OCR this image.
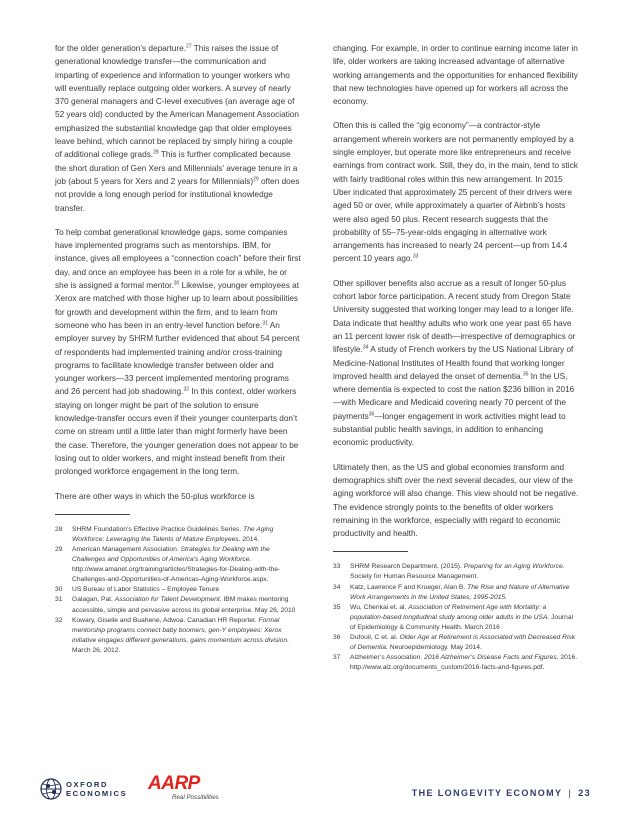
for the older generation’s departure.$^{27}$ This raises the issue of generational knowledge transfer—the communication and imparting of experience and information to younger workers who will eventually replace outgoing older workers. A survey of nearly 370 general managers and C-level executives (an average age of 52 years old) conducted by the American Management Association emphasized the substantial knowledge gap that older employees leave behind, which cannot be replaced by simply hiring a couple of additional college grads.$^{28}$ This is further complicated because the short duration of Gen Xers and Millennials’ average tenure in a job (about 5 years for Xers and 2 years for Millennials)$^{29}$ often does not provide a long enough period for institutional knowledge transfer.

To help combat generational knowledge gaps, some companies have implemented programs such as mentorships. IBM, for instance, gives all employees a “connection coach” before their first day, and once an employee has been in a role for a while, he or she is assigned a formal mentor.$^{30}$ Likewise, younger employees at Xerox are matched with those higher up to learn about possibilities for growth and development within the firm, and to learn from someone who has been in an entry-level function before.$^{31}$ An employer survey by SHRM further evidenced that about 54 percent of respondents had implemented training and/or cross-training programs to facilitate knowledge transfer between older and younger workers—33 percent implemented mentoring programs and 26 percent had job shadowing.$^{32}$ In this context, older workers staying on longer might be part of the solution to ensure knowledge-transfer occurs even if their younger counterparts don’t come on stream until a little later than might formerly have been the case. Therefore, the younger generation does not appear to be losing out to older workers, and might instead benefit from their prolonged workforce engagement in the long term.

There are other ways in which the 50-plus workforce is

28	SHRM Foundation’s Effective Practice Guidelines Series. The Aging Workforce: Leveraging the Talents of Mature Employees. 2014.
29	American Management Association. Strategies for Dealing with the Challenges and Opportunities of America’s Aging Workforce. http://www.amanet.org/training/articles/Strategies-for-Dealing-with-the-Challenges-and-Opportunities-of-Americas-Aging-Workforce.aspx.
30	US Bureau of Labor Statistics – Employee Tenure
31	Galagan, Pat. Association for Talent Development. IBM makes mentoring accessible, simple and pervasive across its global enterprise. May 26, 2010
32	Kowary, Giselle and Buahene, Adwoa. Canadian HR Reporter. Formal mentorship programs connect baby boomers, gen-Y employees: Xerox initiative engages different generations, gains momentum across division. March 26, 2012.

changing. For example, in order to continue earning income later in life, older workers are taking increased advantage of alternative working arrangements and the opportunities for enhanced flexibility that new technologies have opened up for workers all across the economy.

Often this is called the “gig economy”—a contractor-style arrangement wherein workers are not permanently employed by a single employer, but operate more like entrepreneurs and receive earnings from contract work. Still, they do, in the main, tend to stick with fairly traditional roles within this new arrangement. In 2015 Uber indicated that approximately 25 percent of their drivers were aged 50 or over, while approximately a quarter of Airbnb’s hosts were also aged 50 plus. Recent research suggests that the probability of 55–75-year-olds engaging in alternative work arrangements has increased to nearly 24 percent—up from 14.4 percent 10 years ago.$^{33}$

Other spillover benefits also accrue as a result of longer 50-plus cohort labor force participation. A recent study from Oregon State University suggested that working longer may lead to a longer life. Data indicate that healthy adults who work one year past 65 have an 11 percent lower risk of death—irrespective of demographics or lifestyle.$^{34}$ A study of French workers by the US National Library of Medicine-National Institutes of Health found that working longer improved health and delayed the onset of dementia.$^{35}$ In the US, where dementia is expected to cost the nation $236 billion in 2016—with Medicare and Medicaid covering nearly 70 percent of the payments$^{36}$—longer engagement in work activities might lead to substantial public health savings, in addition to enhancing economic productivity.

Ultimately then, as the US and global economies transform and demographics shift over the next several decades, our view of the aging workforce will also change. This view should not be negative. The evidence strongly points to the benefits of older workers remaining in the workforce, especially with regard to economic productivity and health.

33	SHRM Research Department. (2015). Preparing for an Aging Workforce. Society for Human Resource Management.
34	Katz, Lawrence F and Krueger, Alan B. The Rise and Nature of Alternative Work Arrangements in the United States, 1995-2015.
35	Wu, Chenkai et. al. Association of Retirement Age with Mortality: a population-based longitudinal study among older adults in the USA. Journal of Epidemiology & Community Health. March 2016
36	Dufouil, C et. al. Older Age at Retirement is Associated with Decreased Risk of Dementia. Neuroepidemiology. May 2014.
37	Alzheimer’s Association. 2016 Alzheimer’s Disease Facts and Figures. 2016. http://www.alz.org/documents_custom/2016-facts-and-figures.pdf.
OXFORD
ECONOMICS AARP
Real Possibilities	THE LONGEVITY ECONOMY | 23
